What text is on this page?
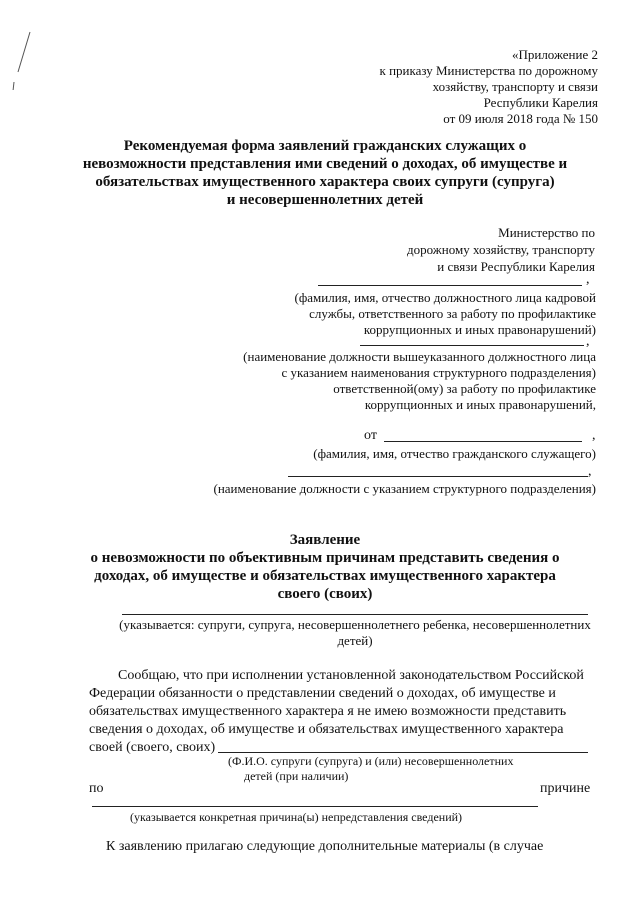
«Приложение 2
к приказу Министерства по дорожному
хозяйству, транспорту и связи
Республики Карелия
от 09 июля 2018 года № 150
Рекомендуемая форма заявлений гражданских служащих о
невозможности представления ими сведений о доходах, об имуществе и
обязательствах имущественного характера своих супруги (супруга)
и несовершеннолетних детей
Министерство по
дорожному хозяйству, транспорту
и связи Республики Карелия
,
(фамилия, имя, отчество должностного лица кадровой
службы, ответственного за работу по профилактике
коррупционных и иных правонарушений)
,
(наименование должности вышеуказанного должностного лица
с указанием наименования структурного подразделения)
ответственной(ому) за работу по профилактике
коррупционных и иных правонарушений,
от	,
(фамилия, имя, отчество гражданского служащего)
,
(наименование должности с указанием структурного подразделения)
Заявление
о невозможности по объективным причинам представить сведения о
доходах, об имуществе и обязательствах имущественного характера
своего (своих)
(указывается: супруги, супруга, несовершеннолетнего ребенка, несовершеннолетних
детей)
Сообщаю, что при исполнении установленной законодательством Российской
Федерации обязанности о представлении сведений о доходах, об имуществе и
обязательствах имущественного характера я не имею возможности представить
сведения о доходах, об имуществе и обязательствах имущественного характера
своей (своего, своих)
(Ф.И.О. супруги (супруга) и (или) несовершеннолетних
детей (при наличии)
по	причине
(указывается конкретная причина(ы) непредставления сведений)
К заявлению прилагаю следующие дополнительные материалы (в случае
